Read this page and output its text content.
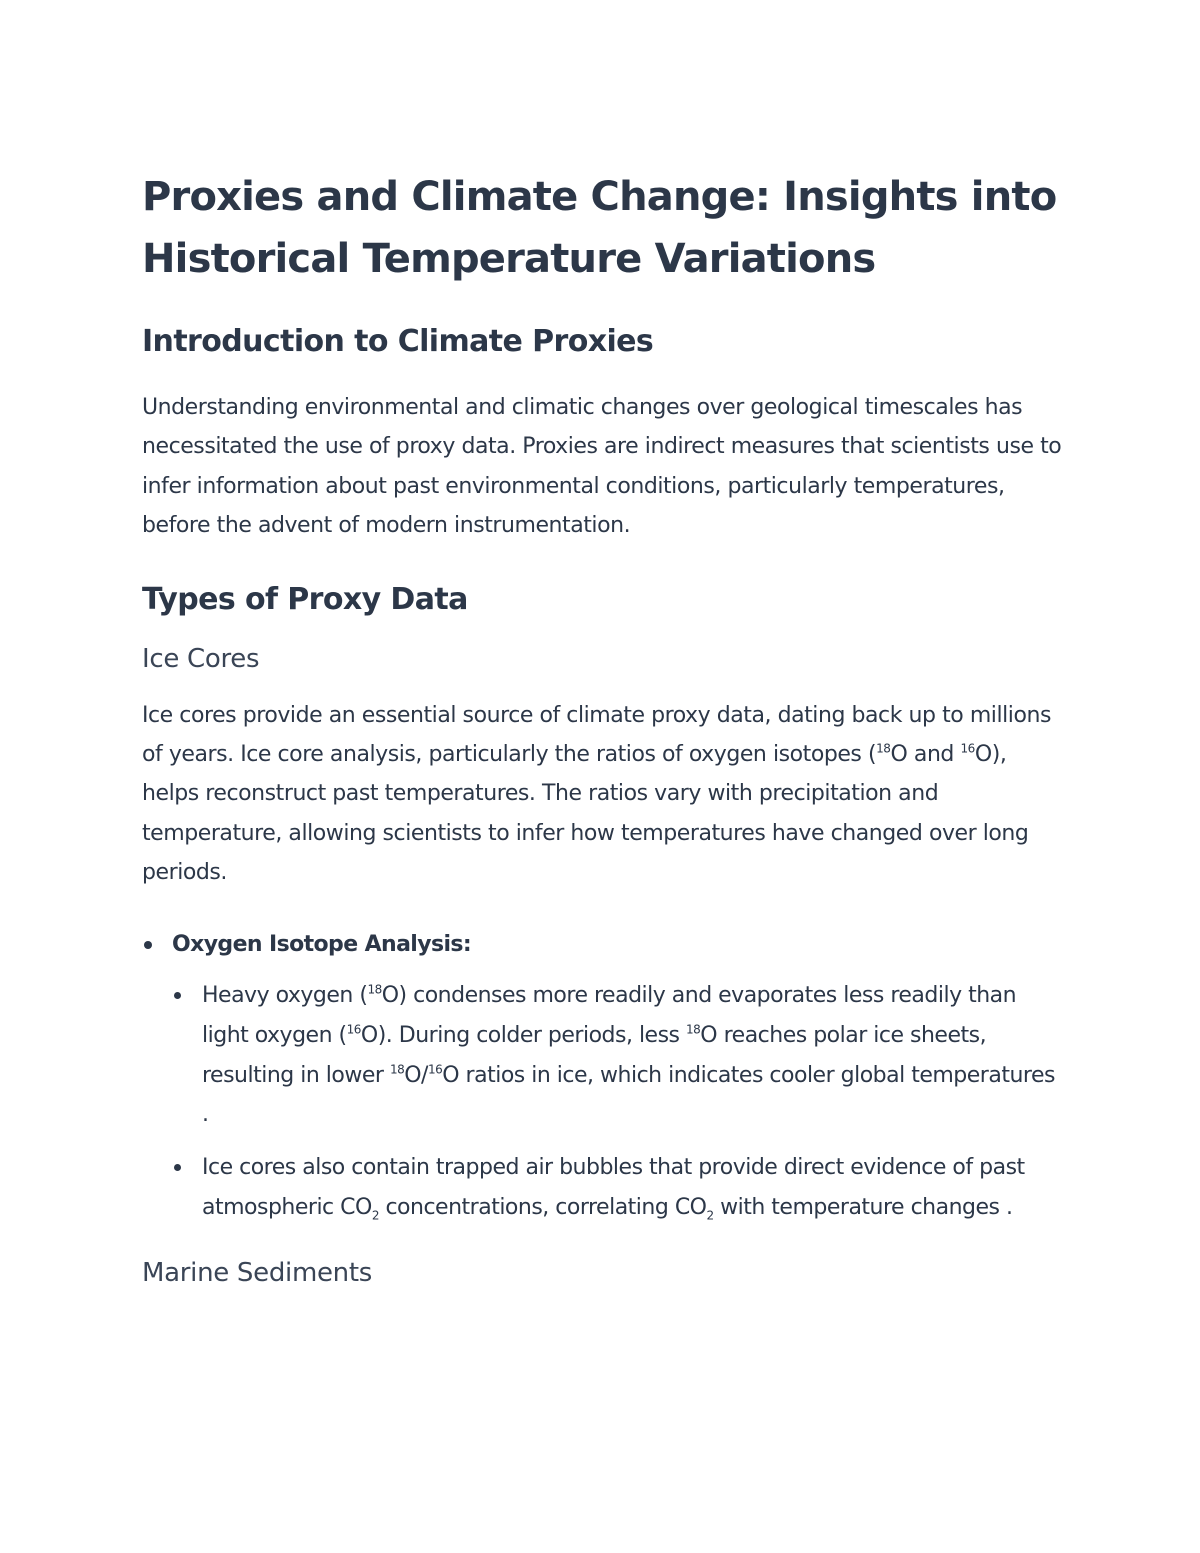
Proxies and Climate Change: Insights into Historical Temperature Variations
Introduction to Climate Proxies

Understanding environmental and climatic changes over geological timescales has necessitated the use of proxy data. Proxies are indirect measures that scientists use to infer information about past environmental conditions, particularly temperatures, before the advent of modern instrumentation.

Types of Proxy Data
Ice Cores

Ice cores provide an essential source of climate proxy data, dating back up to millions of years. Ice core analysis, particularly the ratios of oxygen isotopes ($^{18}$O and $^{16}$O), helps reconstruct past temperatures. The ratios vary with precipitation and temperature, allowing scientists to infer how temperatures have changed over long periods.

Oxygen Isotope Analysis:
Heavy oxygen ($^{18}$O) condenses more readily and evaporates less readily than light oxygen ($^{16}$O). During colder periods, less $^{18}$O reaches polar ice sheets, resulting in lower $^{18}$O/$^{16}$O ratios in ice, which indicates cooler global temperatures .
Ice cores also contain trapped air bubbles that provide direct evidence of past atmospheric $CO_2$ concentrations, correlating $CO_2$ with temperature changes .
Marine Sediments
